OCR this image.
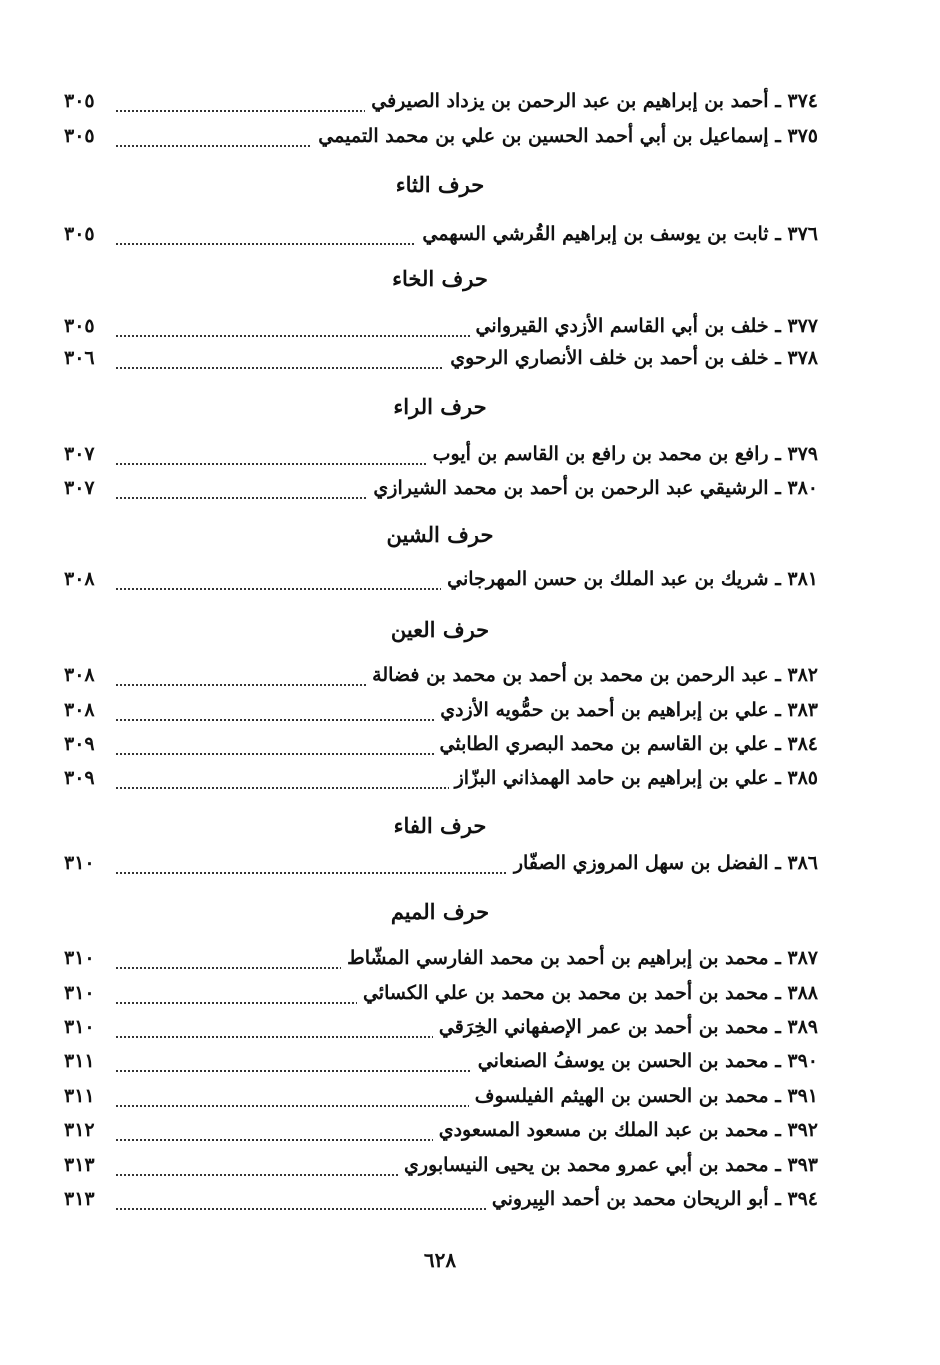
٣٧٤ ـ أحمد بن إبراهيم بن عبد الرحمن بن يزداد الصيرفي
٣٠٥
٣٧٥ ـ إسماعيل بن أبي أحمد الحسين بن علي بن محمد التميمي
٣٠٥
حرف الثاء
٣٧٦ ـ ثابت بن يوسف بن إبراهيم القُرشي السهمي
٣٠٥
حرف الخاء
٣٧٧ ـ خلف بن أبي القاسم الأزدي القيرواني
٣٠٥
٣٧٨ ـ خلف بن أحمد بن خلف الأنصاري الرحوي
٣٠٦
حرف الراء
٣٧٩ ـ رافع بن محمد بن رافع بن القاسم بن أيوب
٣٠٧
٣٨٠ ـ الرشيقي عبد الرحمن بن أحمد بن محمد الشيرازي
٣٠٧
حرف الشين
٣٨١ ـ شريك بن عبد الملك بن حسن المهرجاني
٣٠٨
حرف العين
٣٨٢ ـ عبد الرحمن بن محمد بن أحمد بن محمد بن فضالة
٣٠٨
٣٨٣ ـ علي بن إبراهيم بن أحمد بن حمُّويه الأزدي
٣٠٨
٣٨٤ ـ علي بن القاسم بن محمد البصري الطابثي
٣٠٩
٣٨٥ ـ علي بن إبراهيم بن حامد الهمذاني البزّاز
٣٠٩
حرف الفاء
٣٨٦ ـ الفضل بن سهل المروزي الصفّار
٣١٠
حرف الميم
٣٨٧ ـ محمد بن إبراهيم بن أحمد بن محمد الفارسي المشّاط
٣١٠
٣٨٨ ـ محمد بن أحمد بن محمد بن محمد بن علي الكسائي
٣١٠
٣٨٩ ـ محمد بن أحمد بن عمر الإصفهاني الخِرَقي
٣١٠
٣٩٠ ـ محمد بن الحسن بن يوسفُ الصنعاني
٣١١
٣٩١ ـ محمد بن الحسن بن الهيثم الفيلسوف
٣١١
٣٩٢ ـ محمد بن عبد الملك بن مسعود المسعودي
٣١٢
٣٩٣ ـ محمد بن أبي عمرو محمد بن يحيى النيسابوري
٣١٣
٣٩٤ ـ أبو الريحان محمد بن أحمد البِيروني
٣١٣
٦٢٨
